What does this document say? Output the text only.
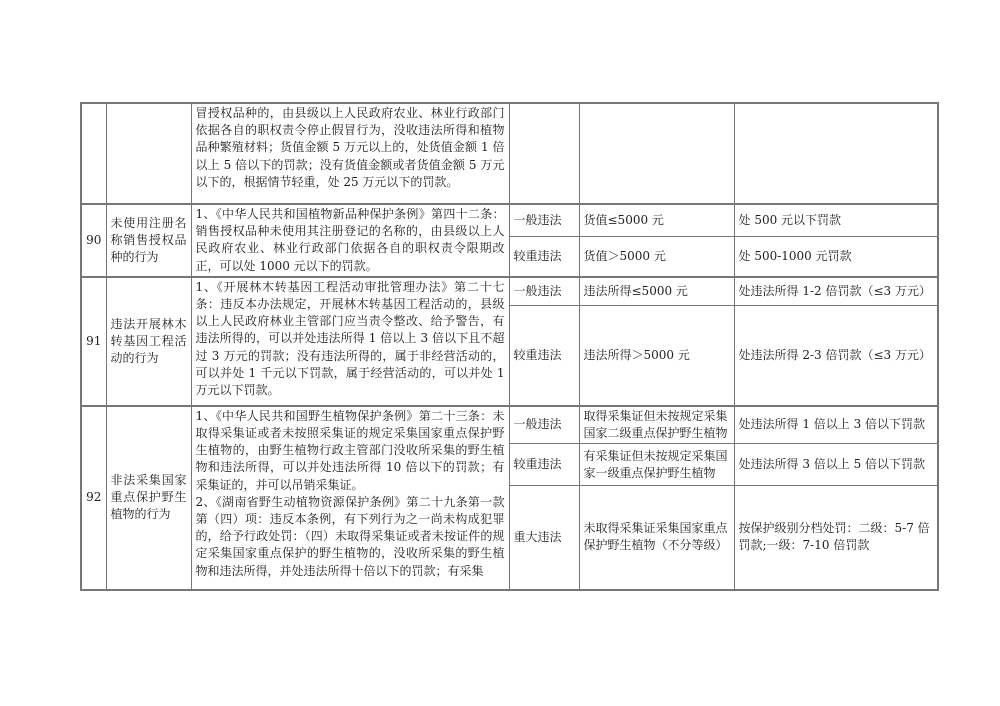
		冒授权品种的，由县级以上人民政府农业、林业行政部门依据各自的职权责令停止假冒行为，没收违法所得和植物品种繁殖材料；货值金额 5 万元以上的，处货值金额 1 倍以上 5 倍以下的罚款；没有货值金额或者货值金额 5 万元以下的，根据情节轻重，处 25 万元以下的罚款。			

90	未使用注册名称销售授权品种的行为	1、《中华人民共和国植物新品种保护条例》第四十二条：销售授权品种未使用其注册登记的名称的，由县级以上人民政府农业、林业行政部门依据各自的职权责令限期改正，可以处 1000 元以下的罚款。	一般违法	货值≤5000 元	处 500 元以下罚款
			较重违法	货值＞5000 元	处 500-1000 元罚款
91	违法开展林木转基因工程活动的行为	1、《开展林木转基因工程活动审批管理办法》第二十七条：违反本办法规定，开展林木转基因工程活动的，县级以上人民政府林业主管部门应当责令整改、给予警告，有违法所得的，可以并处违法所得 1 倍以上 3 倍以下且不超过 3 万元的罚款；没有违法所得的，属于非经营活动的，可以并处 1 千元以下罚款，属于经营活动的，可以并处 1 万元以下罚款。	一般违法	违法所得≤5000 元	处违法所得 1-2 倍罚款（≤3 万元）
			较重违法	违法所得＞5000 元	处违法所得 2-3 倍罚款（≤3 万元）
92	非法采集国家重点保护野生植物的行为	1、《中华人民共和国野生植物保护条例》第二十三条：未取得采集证或者未按照采集证的规定采集国家重点保护野生植物的，由野生植物行政主管部门没收所采集的野生植物和违法所得，可以并处违法所得 10 倍以下的罚款；有采集证的，并可以吊销采集证。
2、《湖南省野生动植物资源保护条例》第二十九条第一款第（四）项：违反本条例，有下列行为之一尚未构成犯罪的，给予行政处罚：（四）未取得采集证或者未按证件的规定采集国家重点保护的野生植物的，没收所采集的野生植物和违法所得，并处违法所得十倍以下的罚款；有采集	一般违法	取得采集证但未按规定采集国家二级重点保护野生植物	处违法所得 1 倍以上 3 倍以下罚款
			较重违法	有采集证但未按规定采集国家一级重点保护野生植物	处违法所得 3 倍以上 5 倍以下罚款
			重大违法	未取得采集证采集国家重点保护野生植物（不分等级）	按保护级别分档处罚：二级：5-7 倍罚款;一级：7-10 倍罚款
